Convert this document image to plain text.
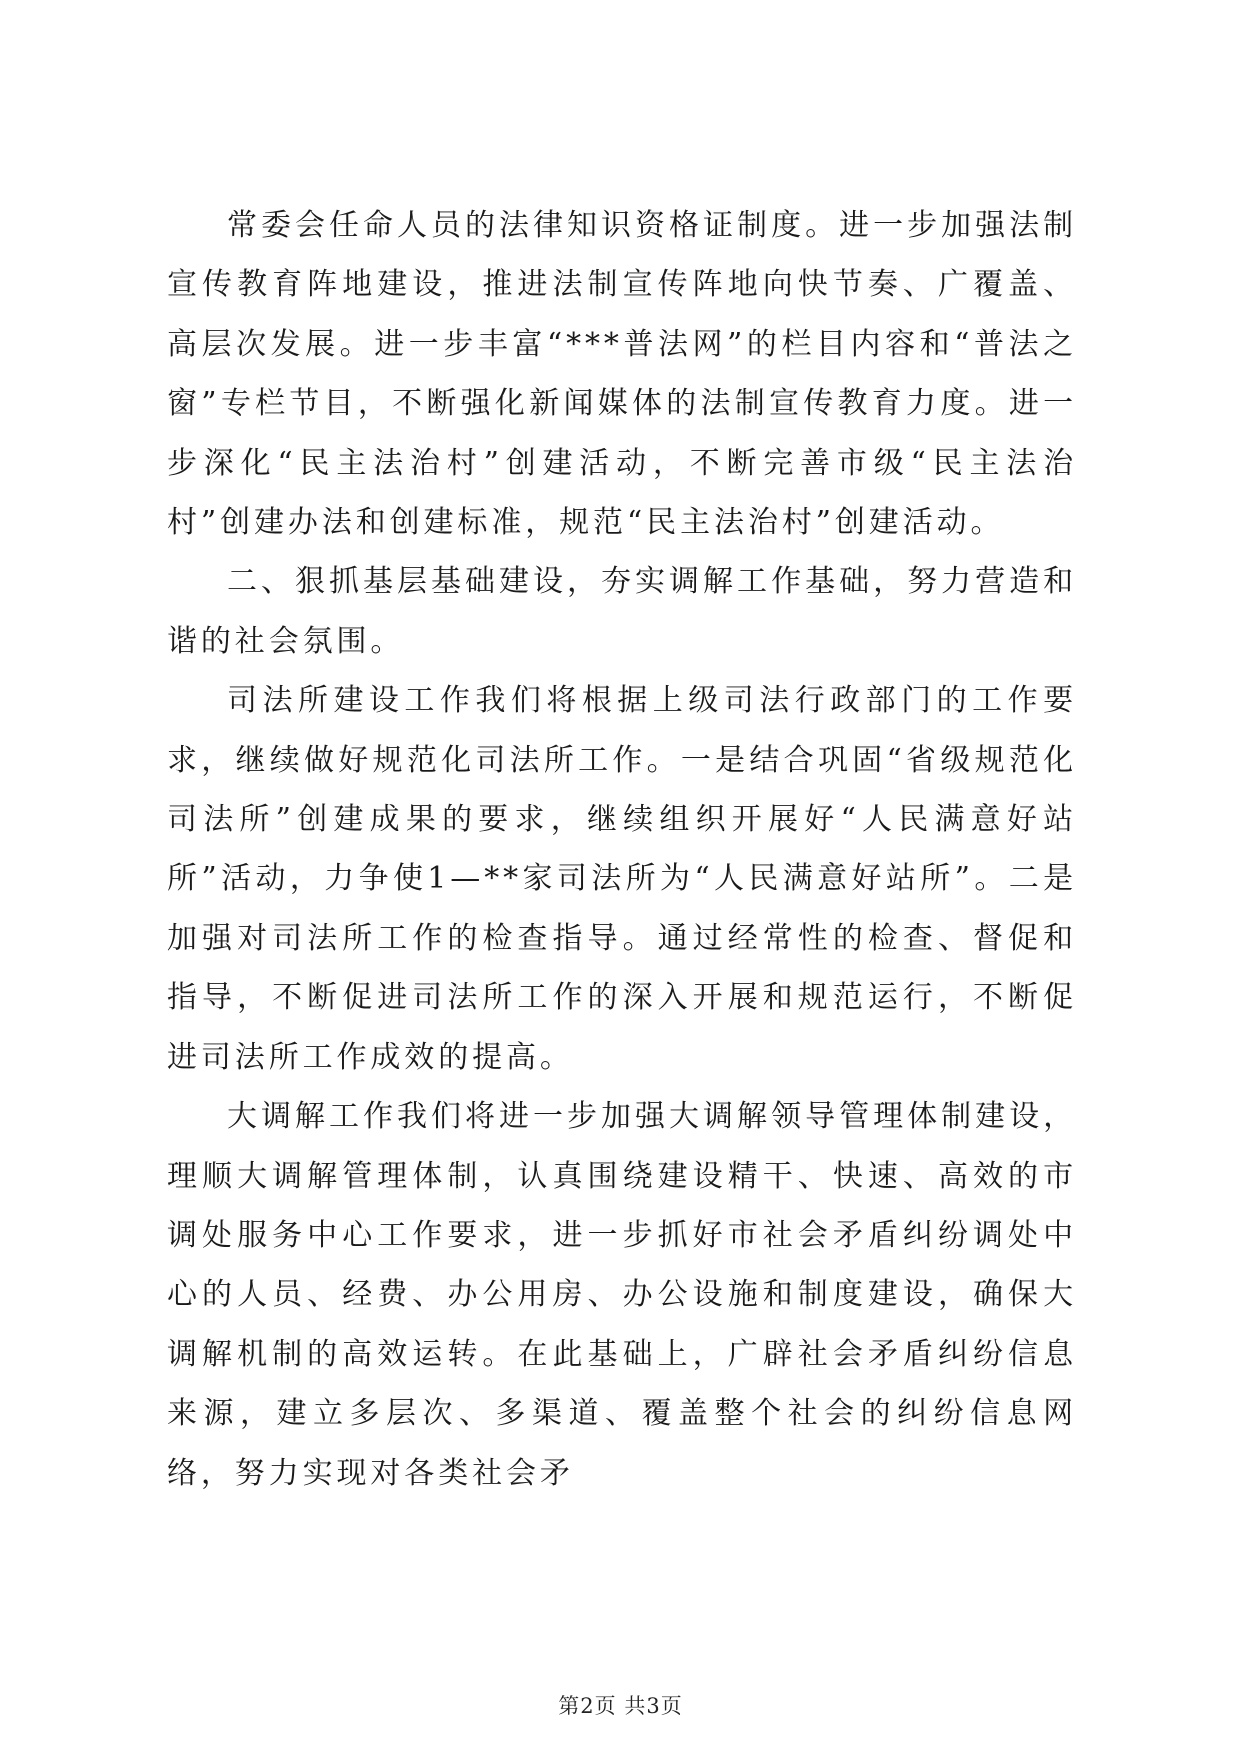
常委会任命人员的法律知识资格证制度。进一步加强法制宣传教育阵地建设，推进法制宣传阵地向快节奏、广覆盖、高层次发展。进一步丰富“***普法网”的栏目内容和“普法之窗”专栏节目，不断强化新闻媒体的法制宣传教育力度。进一步深化“民主法治村”创建活动，不断完善市级“民主法治村”创建办法和创建标准，规范“民主法治村”创建活动。

二、狠抓基层基础建设，夯实调解工作基础，努力营造和谐的社会氛围。

司法所建设工作我们将根据上级司法行政部门的工作要求，继续做好规范化司法所工作。一是结合巩固“省级规范化司法所”创建成果的要求，继续组织开展好“人民满意好站所”活动，力争使1—**家司法所为“人民满意好站所”。二是加强对司法所工作的检查指导。通过经常性的检查、督促和指导，不断促进司法所工作的深入开展和规范运行，不断促进司法所工作成效的提高。

大调解工作我们将进一步加强大调解领导管理体制建设，理顺大调解管理体制，认真围绕建设精干、快速、高效的市调处服务中心工作要求，进一步抓好市社会矛盾纠纷调处中心的人员、经费、办公用房、办公设施和制度建设，确保大调解机制的高效运转。在此基础上，广辟社会矛盾纠纷信息来源，建立多层次、多渠道、覆盖整个社会的纠纷信息网络，努力实现对各类社会矛

第2页 共3页
